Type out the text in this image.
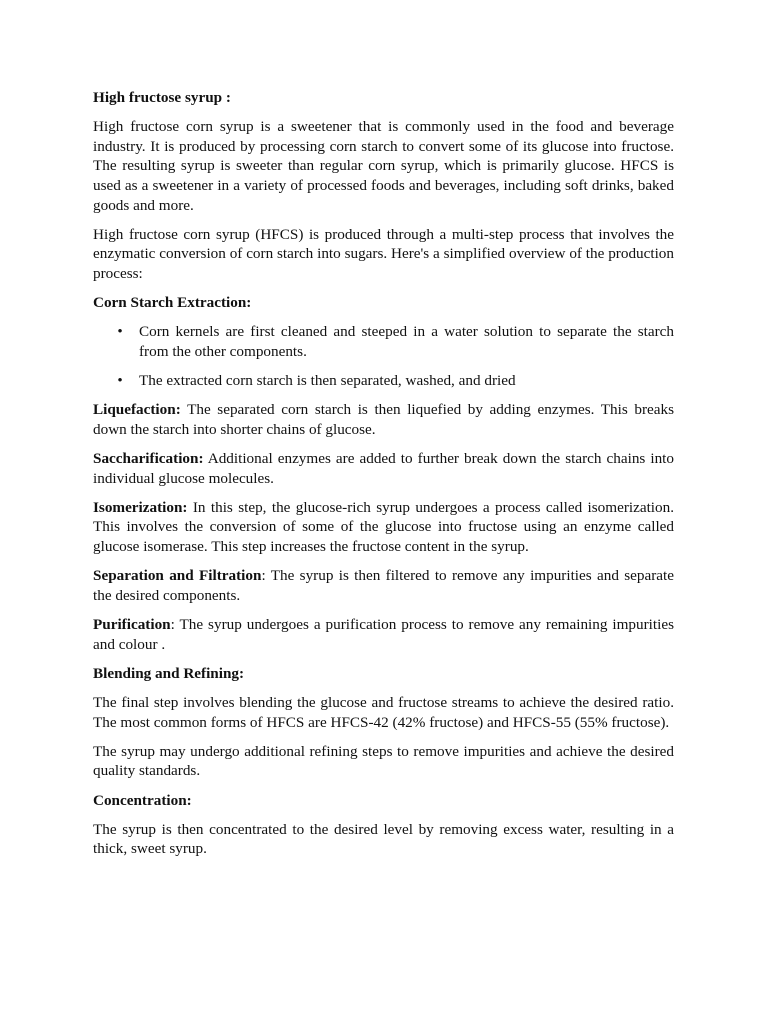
High fructose syrup :

High fructose corn syrup is a sweetener that is commonly used in the food and beverage industry. It is produced by processing corn starch to convert some of its glucose into fructose. The resulting syrup is sweeter than regular corn syrup, which is primarily glucose. HFCS is used as a sweetener in a variety of processed foods and beverages, including soft drinks, baked goods and more.

High fructose corn syrup (HFCS) is produced through a multi-step process that involves the enzymatic conversion of corn starch into sugars. Here's a simplified overview of the production process:

Corn Starch Extraction:

• Corn kernels are first cleaned and steeped in a water solution to separate the starch from the other components.
• The extracted corn starch is then separated, washed, and dried

Liquefaction: The separated corn starch is then liquefied by adding enzymes. This breaks down the starch into shorter chains of glucose.

Saccharification: Additional enzymes are added to further break down the starch chains into individual glucose molecules.

Isomerization: In this step, the glucose-rich syrup undergoes a process called isomerization. This involves the conversion of some of the glucose into fructose using an enzyme called glucose isomerase. This step increases the fructose content in the syrup.

Separation and Filtration: The syrup is then filtered to remove any impurities and separate the desired components.

Purification: The syrup undergoes a purification process to remove any remaining impurities and colour .

Blending and Refining:

The final step involves blending the glucose and fructose streams to achieve the desired ratio. The most common forms of HFCS are HFCS-42 (42% fructose) and HFCS-55 (55% fructose).

The syrup may undergo additional refining steps to remove impurities and achieve the desired quality standards.

Concentration:

The syrup is then concentrated to the desired level by removing excess water, resulting in a thick, sweet syrup.
